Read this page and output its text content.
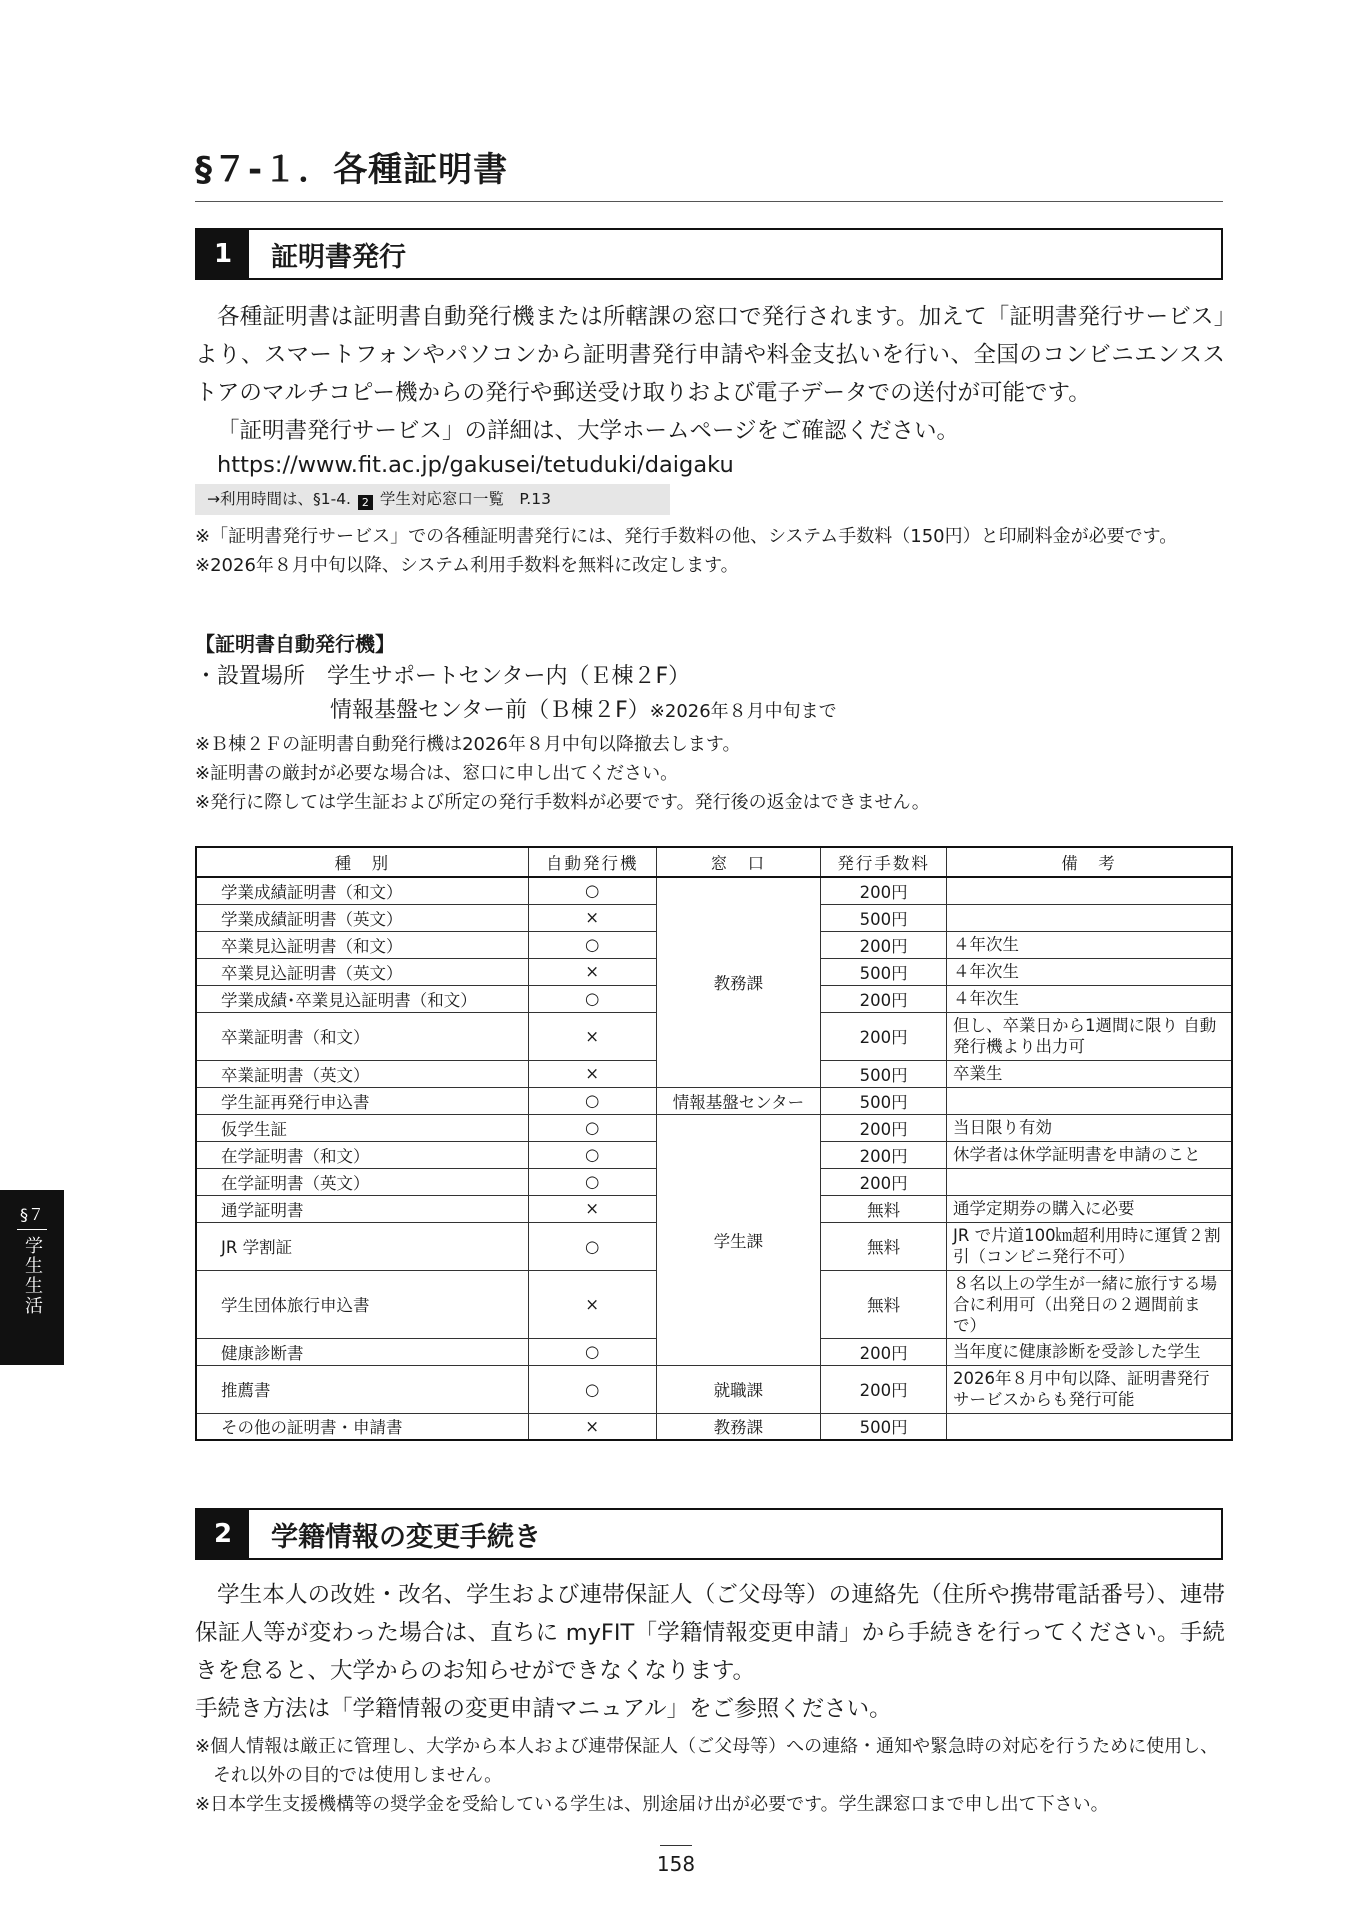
§７-１．各種証明書
1	証明書発行

各種証明書は証明書自動発行機または所轄課の窓口で発行されます。加えて「証明書発行サービス」より、スマートフォンやパソコンから証明書発行申請や料金支払いを行い、全国のコンビニエンスストアのマルチコピー機からの発行や郵送受け取りおよび電子データでの送付が可能です。

「証明書発行サービス」の詳細は、大学ホームページをご確認ください。

https://www.fit.ac.jp/gakusei/tetuduki/daigaku

→利用時間は、§1-4. 2 学生対応窓口一覧　P.13

※「証明書発行サービス」での各種証明書発行には、発行手数料の他、システム手数料（150円）と印刷料金が必要です。

※2026年８月中旬以降、システム利用手数料を無料に改定します。

【証明書自動発行機】

・設置場所　学生サポートセンター内（Ｅ棟２F）

情報基盤センター前（Ｂ棟２F）※2026年８月中旬まで

※Ｂ棟２Ｆの証明書自動発行機は2026年８月中旬以降撤去します。

※証明書の厳封が必要な場合は、窓口に申し出てください。

※発行に際しては学生証および所定の発行手数料が必要です。発行後の返金はできません。

種　別	自動発行機	窓　口	発行手数料	備　考
学業成績証明書（和文）	○	教務課	200円	
学業成績証明書（英文）	×		500円	
卒業見込証明書（和文）	○		200円	４年次生
卒業見込証明書（英文）	×		500円	４年次生
学業成績･卒業見込証明書（和文）	○		200円	４年次生
卒業証明書（和文）	×		200円	但し、卒業日から1週間に限り 自動発行機より出力可
卒業証明書（英文）	×		500円	卒業生
学生証再発行申込書	○	情報基盤センター	500円	
仮学生証	○	学生課	200円	当日限り有効
在学証明書（和文）	○		200円	休学者は休学証明書を申請のこと
在学証明書（英文）	○		200円	
通学証明書	×		無料	通学定期券の購入に必要
JR 学割証	○		無料	JR で片道100㎞超利用時に運賃２割引（コンビニ発行不可）
学生団体旅行申込書	×		無料	８名以上の学生が一緒に旅行する場合に利用可（出発日の２週間前まで）
健康診断書	○		200円	当年度に健康診断を受診した学生
推薦書	○	就職課	200円	2026年８月中旬以降、証明書発行サービスからも発行可能
その他の証明書・申請書	×	教務課	500円	
§７
学生生活
2	学籍情報の変更手続き

学生本人の改姓・改名、学生および連帯保証人（ご父母等）の連絡先（住所や携帯電話番号）、連帯保証人等が変わった場合は、直ちに myFIT「学籍情報変更申請」から手続きを行ってください。手続きを怠ると、大学からのお知らせができなくなります。

手続き方法は「学籍情報の変更申請マニュアル」をご参照ください。

※個人情報は厳正に管理し、大学から本人および連帯保証人（ご父母等）への連絡・通知や緊急時の対応を行うために使用し、それ以外の目的では使用しません。

※日本学生支援機構等の奨学金を受給している学生は、別途届け出が必要です。学生課窓口まで申し出て下さい。

158
